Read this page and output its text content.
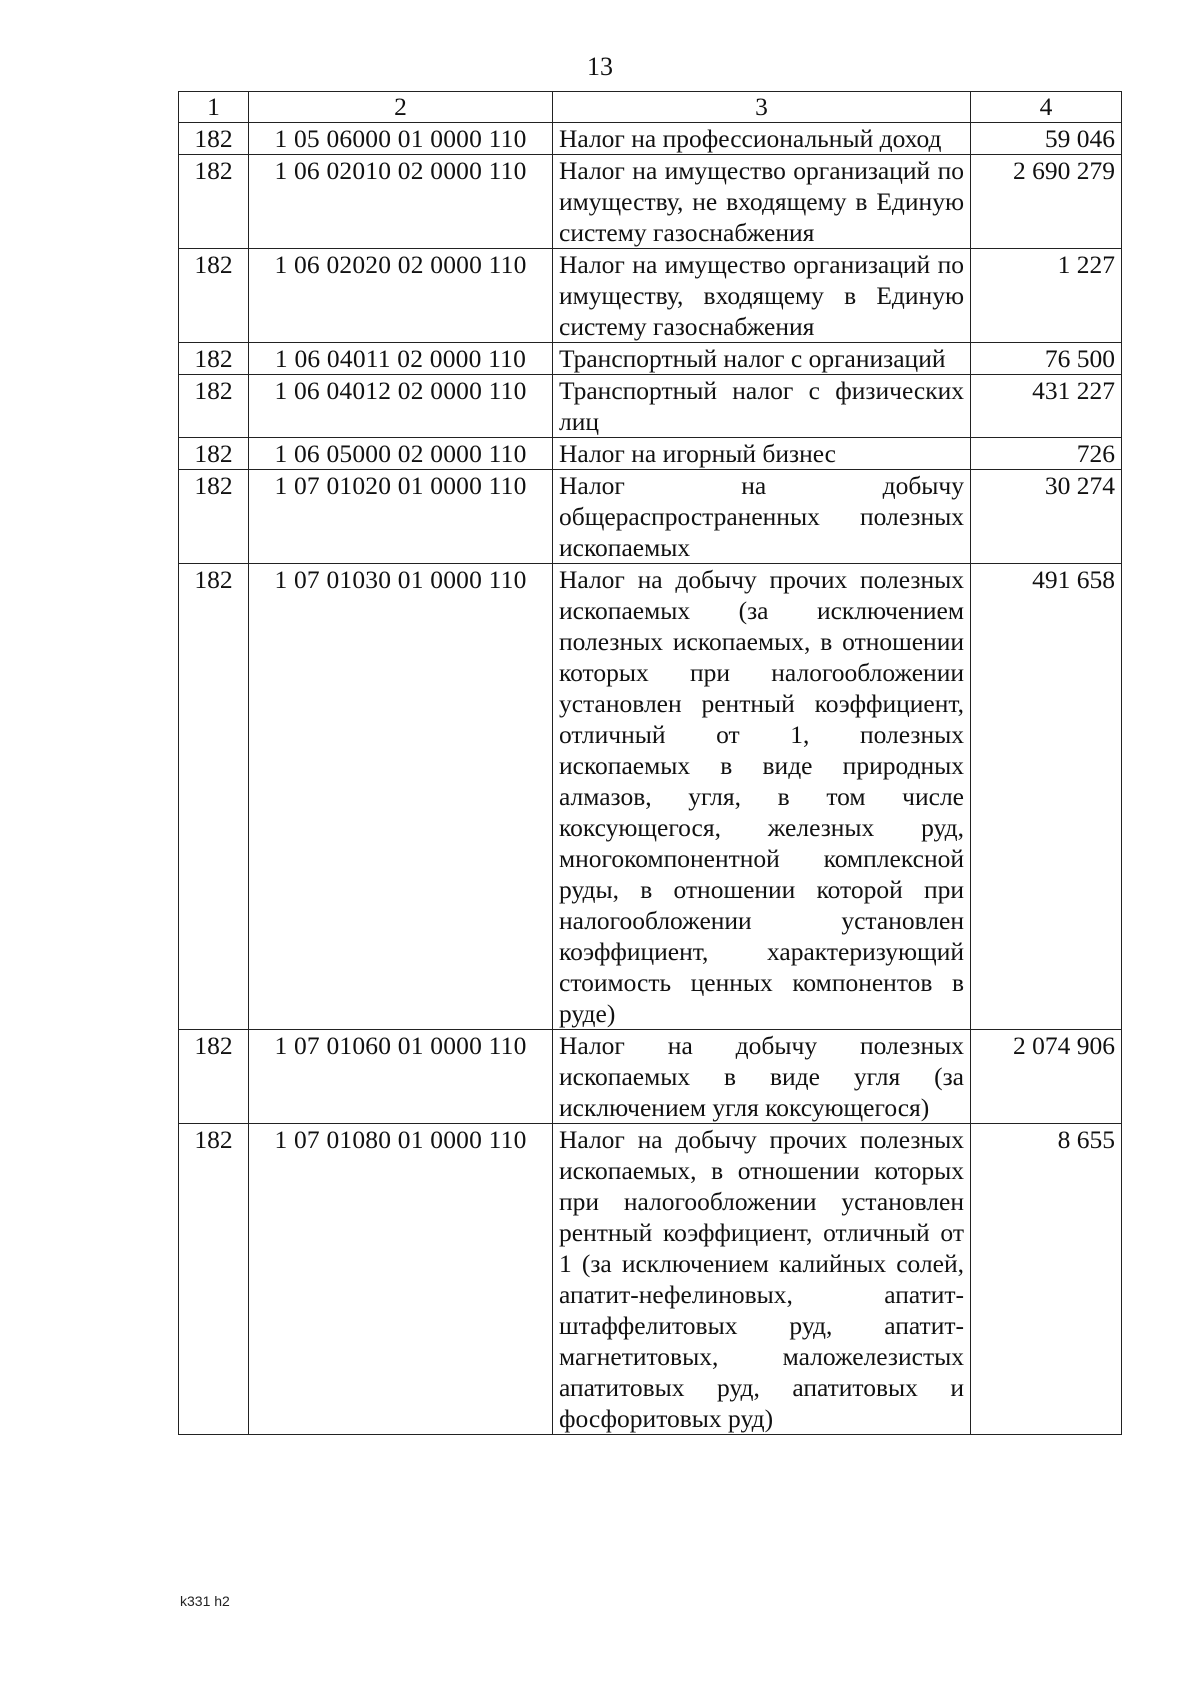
13
1	2	3	4
182	1 05 06000 01 0000 110	Налог на профессиональный доход	59 046
182	1 06 02010 02 0000 110	Налог на имущество организаций по имуществу, не входящему в Единую систему газоснабжения	2 690 279
182	1 06 02020 02 0000 110	Налог на имущество организаций по имуществу, входящему в Единую систему газоснабжения	1 227
182	1 06 04011 02 0000 110	Транспортный налог с организаций	76 500
182	1 06 04012 02 0000 110	Транспортный налог с физических лиц	431 227
182	1 06 05000 02 0000 110	Налог на игорный бизнес	726
182	1 07 01020 01 0000 110	Налог на добычу общераспространенных полезных ископаемых	30 274
182	1 07 01030 01 0000 110	Налог на добычу прочих полезных ископаемых (за исключением полезных ископаемых, в отношении которых при налогообложении установлен рентный коэффициент, отличный от 1, полезных ископаемых в виде природных алмазов, угля, в том числе коксующегося, железных руд, многокомпонентной комплексной руды, в отношении которой при налогообложении установлен коэффициент, характеризующий стоимость ценных компонентов в руде)	491 658
182	1 07 01060 01 0000 110	Налог на добычу полезных ископаемых в виде угля (за исключением угля коксующегося)	2 074 906
182	1 07 01080 01 0000 110	Налог на добычу прочих полезных ископаемых, в отношении которых при налогообложении установлен рентный коэффициент, отличный от 1 (за исключением калийных солей, апатит-нефелиновых, апатит-штаффелитовых руд, апатит-магнетитовых, маложелезистых апатитовых руд, апатитовых и фосфоритовых руд)	8 655
k331 h2
